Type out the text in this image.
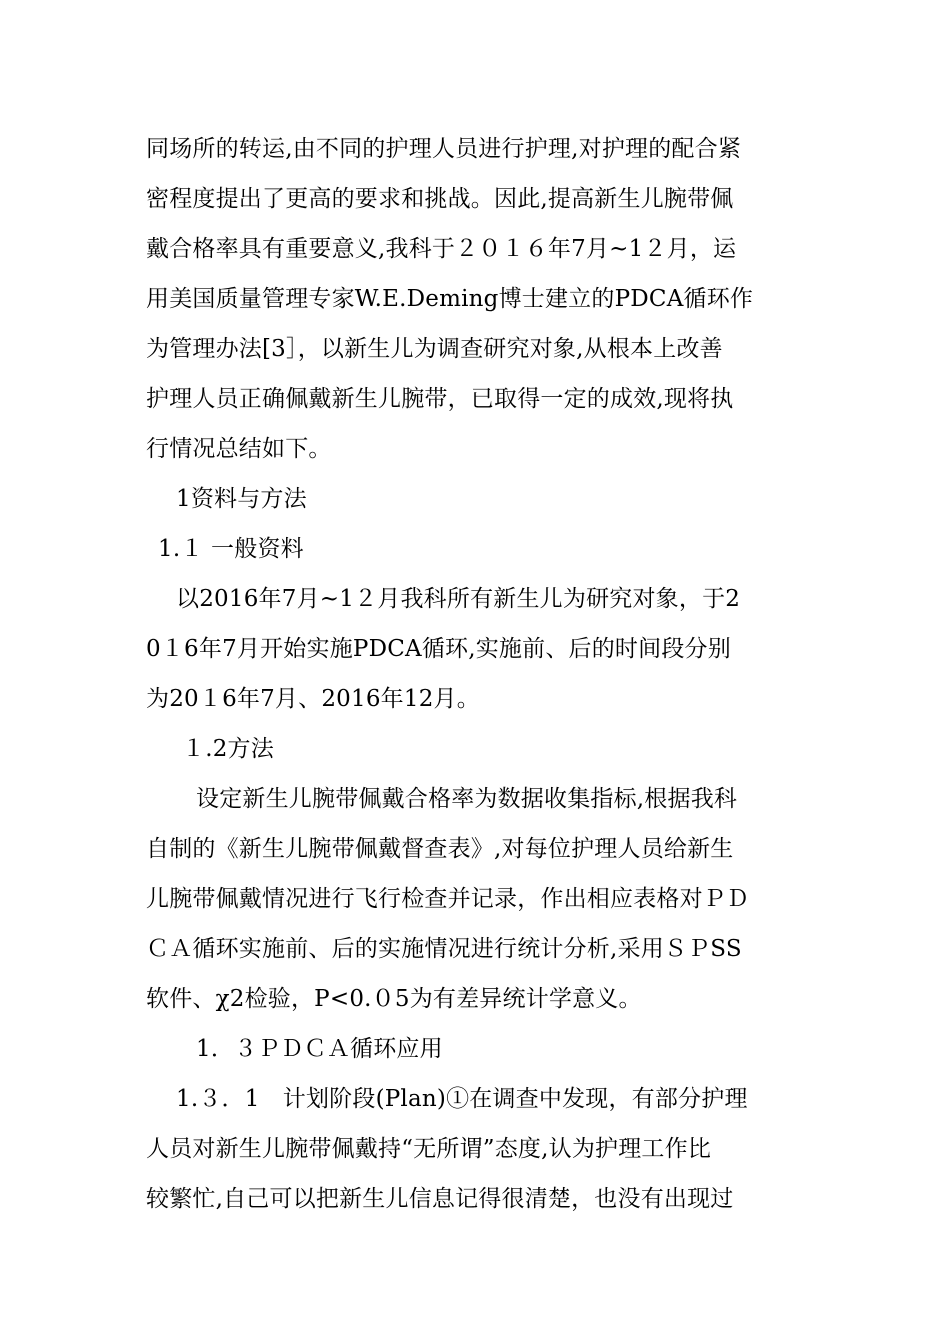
同场所的转运,由不同的护理人员进行护理,对护理的配合紧
密程度提出了更高的要求和挑战。因此,提高新生儿腕带佩
戴合格率具有重要意义,我科于２０１６年7月~1２月，运
用美国质量管理专家W.E.Deming博士建立的PDCA循环作
为管理办法[3］，以新生儿为调查研究对象,从根本上改善
护理人员正确佩戴新生儿腕带，已取得一定的成效,现将执
行情况总结如下。
1资料与方法
1.１ 一般资料
以2016年7月~1２月我科所有新生儿为研究对象，于2
0１6年7月开始实施PDCA循环,实施前、后的时间段分别
为20１6年7月、2016年12月。
１.2方法
设定新生儿腕带佩戴合格率为数据收集指标,根据我科
自制的《新生儿腕带佩戴督查表》,对每位护理人员给新生
儿腕带佩戴情况进行飞行检查并记录，作出相应表格对ＰＤ
ＣＡ循环实施前、后的实施情况进行统计分析,采用ＳＰSS
软件、χ2检验，P<0.０5为有差异统计学意义。
1．３ＰＤＣＡ循环应用
1.３．1　计划阶段(Plan)①在调查中发现，有部分护理
人员对新生儿腕带佩戴持“无所谓”态度,认为护理工作比
较繁忙,自己可以把新生儿信息记得很清楚，也没有出现过
